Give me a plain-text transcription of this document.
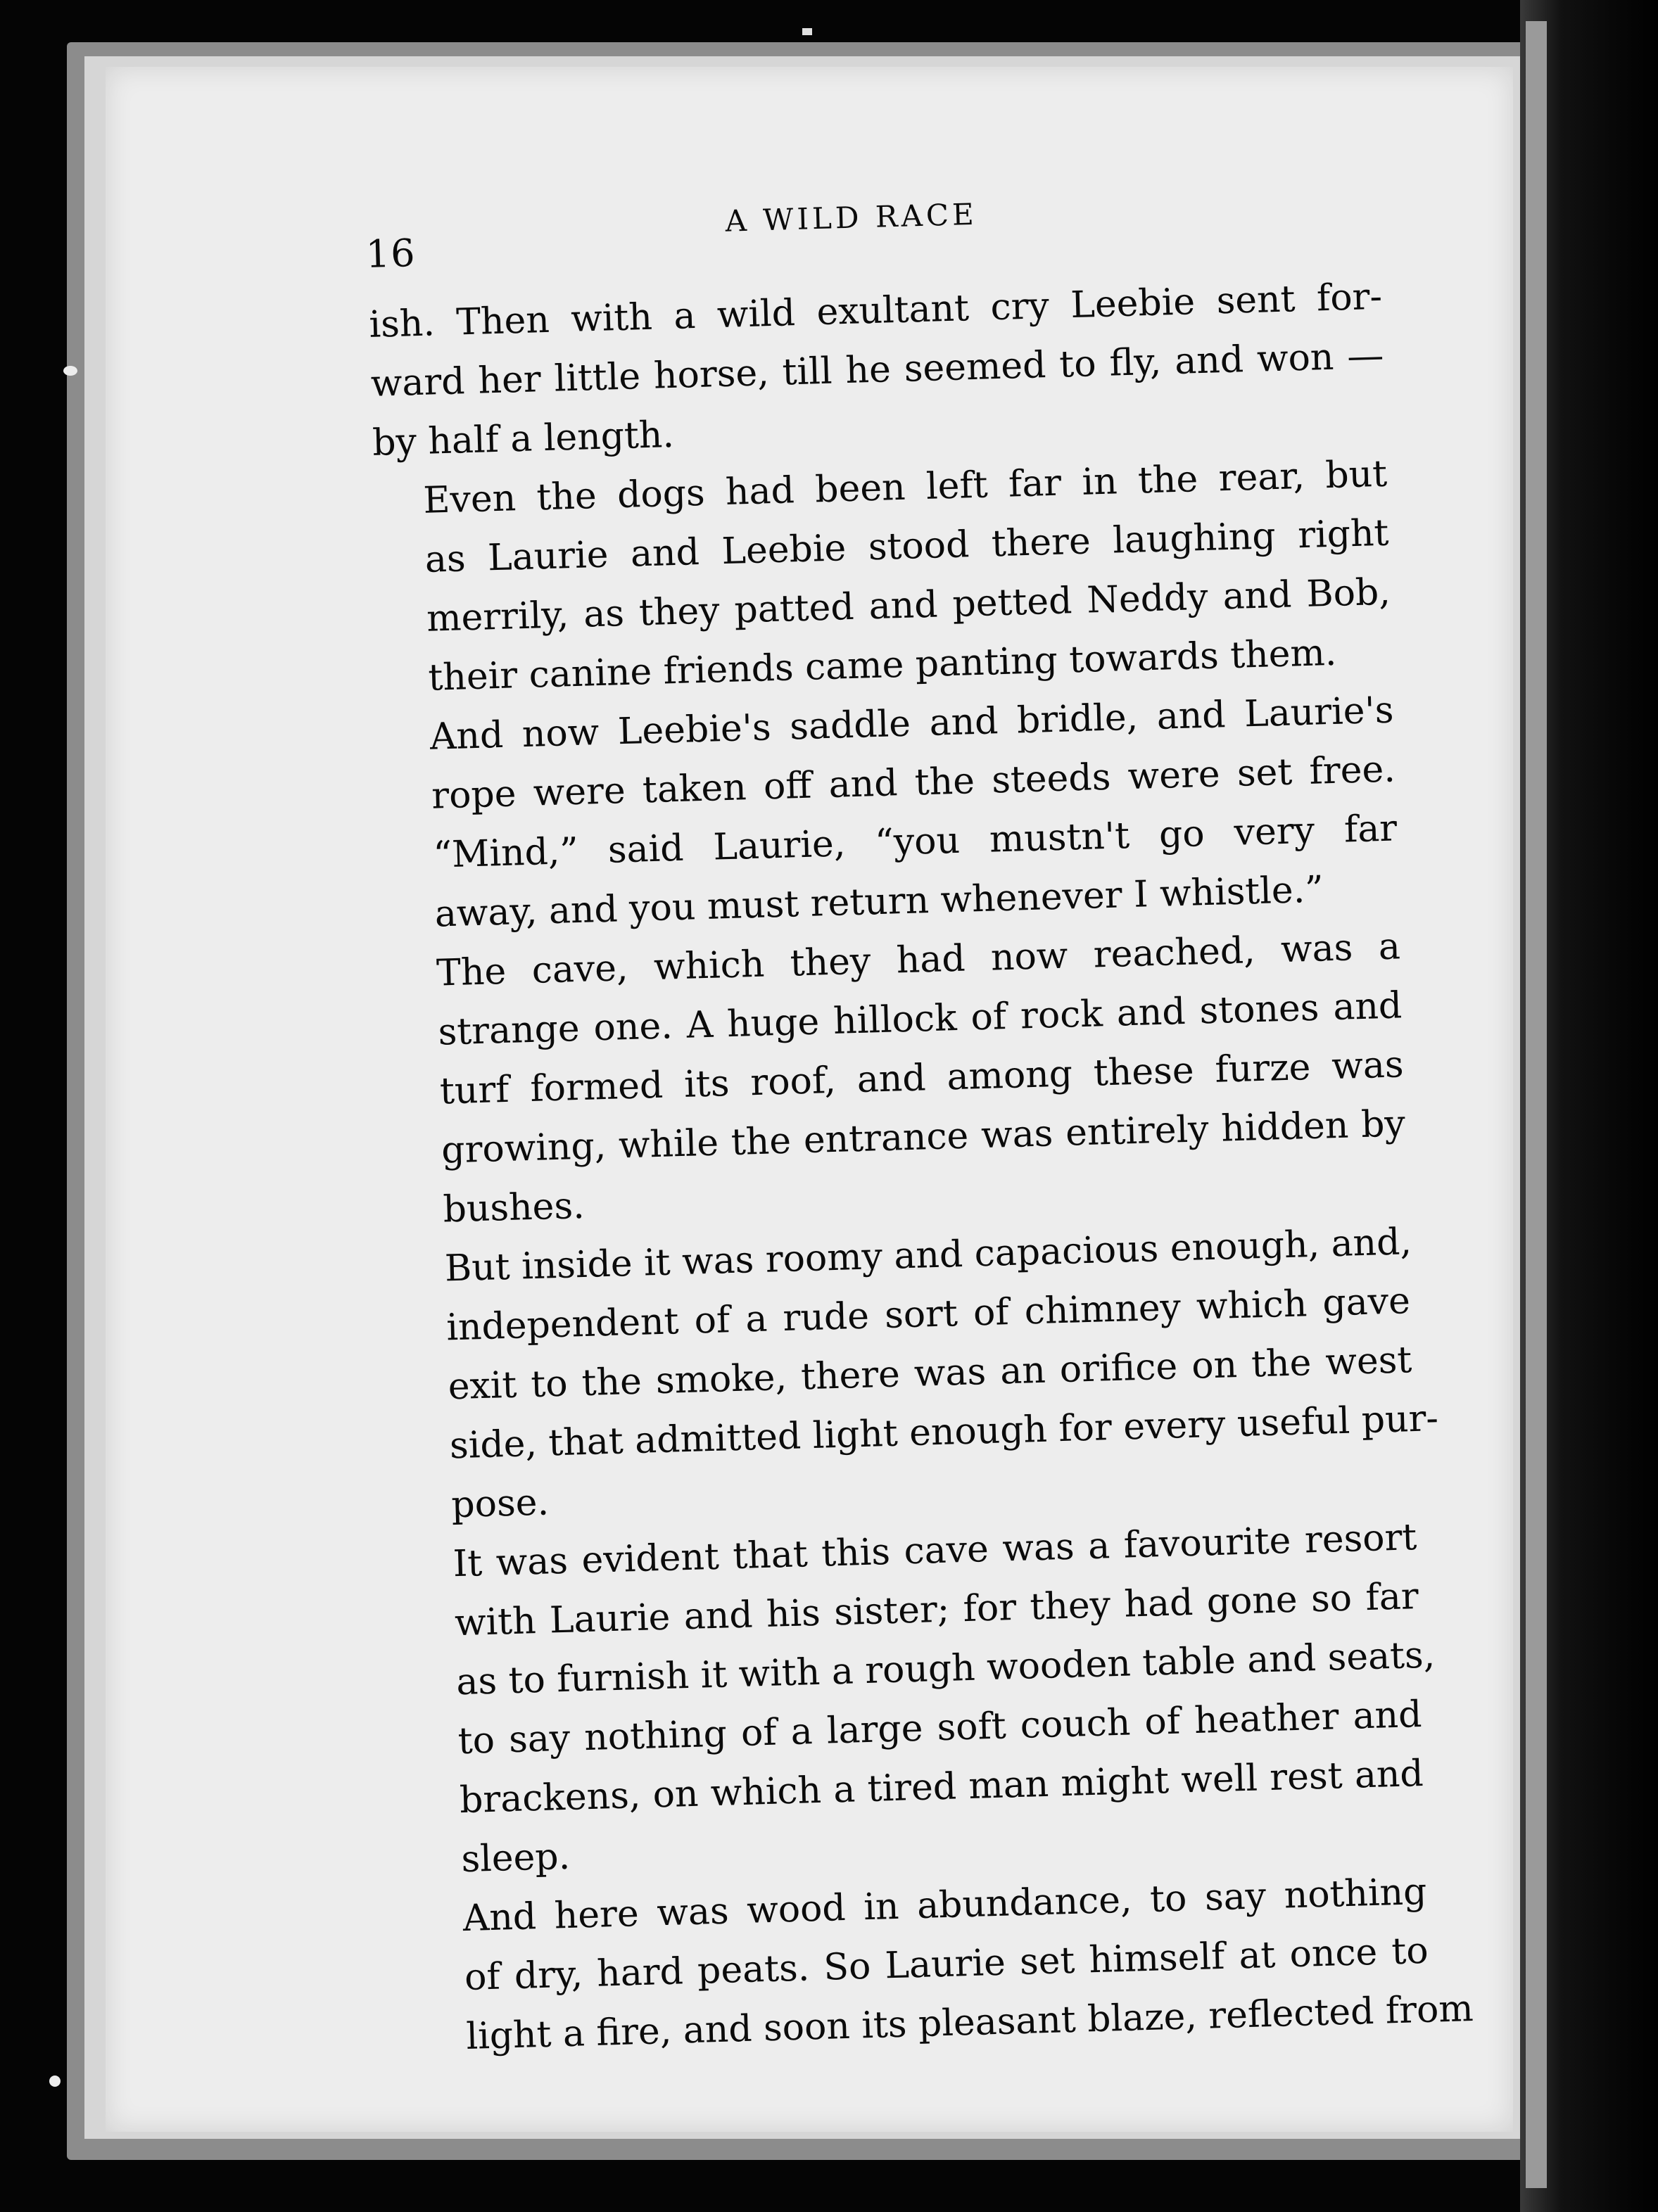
16
A WILD RACE

ish. Then with a wild exultant cry Leebie sent for-
ward her little horse, till he seemed to fly, and won —
by half a length.

Even the dogs had been left far in the rear, but
as Laurie and Leebie stood there laughing right
merrily, as they patted and petted Neddy and Bob,
their canine friends came panting towards them.

And now Leebie's saddle and bridle, and Laurie's
rope were taken off and the steeds were set free.
“Mind,” said Laurie, “you mustn't go very far
away, and you must return whenever I whistle.”

The cave, which they had now reached, was a
strange one. A huge hillock of rock and stones and
turf formed its roof, and among these furze was
growing, while the entrance was entirely hidden by
bushes.

But inside it was roomy and capacious enough, and,
independent of a rude sort of chimney which gave
exit to the smoke, there was an orifice on the west
side, that admitted light enough for every useful pur-
pose.

It was evident that this cave was a favourite resort
with Laurie and his sister; for they had gone so far
as to furnish it with a rough wooden table and seats,
to say nothing of a large soft couch of heather and
brackens, on which a tired man might well rest and
sleep.

And here was wood in abundance, to say nothing
of dry, hard peats. So Laurie set himself at once to
light a fire, and soon its pleasant blaze, reflected from
